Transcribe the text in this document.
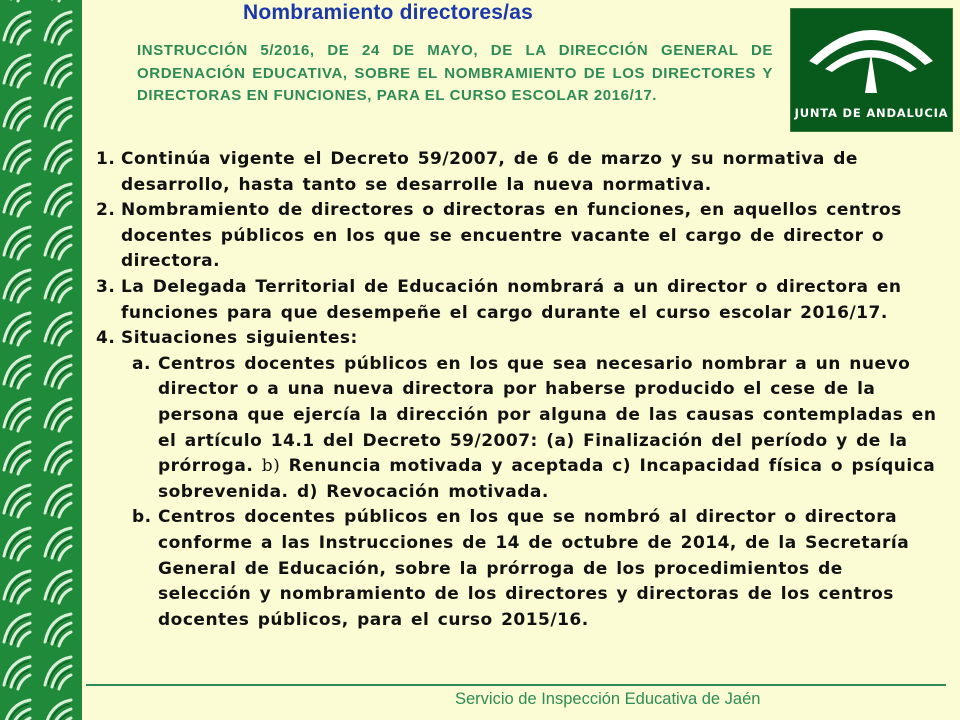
Nombramiento directores/as

INSTRUCCIÓN 5/2016, DE 24 DE MAYO, DE LA DIRECCIÓN GENERAL DE ORDENACIÓN EDUCATIVA, SOBRE EL NOMBRAMIENTO DE LOS DIRECTORES Y DIRECTORAS EN FUNCIONES, PARA EL CURSO ESCOLAR 2016/17.

JUNTA DE ANDALUCIA
1. Continúa vigente el Decreto 59/2007, de 6 de marzo y su normativa de desarrollo, hasta tanto se desarrolle la nueva normativa.
2. Nombramiento de directores o directoras en funciones, en aquellos centros docentes públicos en los que se encuentre vacante el cargo de director o directora.
3. La Delegada Territorial de Educación nombrará a un director o directora en funciones para que desempeñe el cargo durante el curso escolar 2016/17.
4. Situaciones siguientes:
a. Centros docentes públicos en los que sea necesario nombrar a un nuevo director o a una nueva directora por haberse producido el cese de la persona que ejercía la dirección por alguna de las causas contempladas en el artículo 14.1 del Decreto 59/2007: (a) Finalización del período y de la prórroga. b) Renuncia motivada y aceptada c) Incapacidad física o psíquica sobrevenida. d) Revocación motivada.
b. Centros docentes públicos en los que se nombró al director o directora conforme a las Instrucciones de 14 de octubre de 2014, de la Secretaría General de Educación, sobre la prórroga de los procedimientos de selección y nombramiento de los directores y directoras de los centros docentes públicos, para el curso 2015/16.

Servicio de Inspección Educativa de Jaén
